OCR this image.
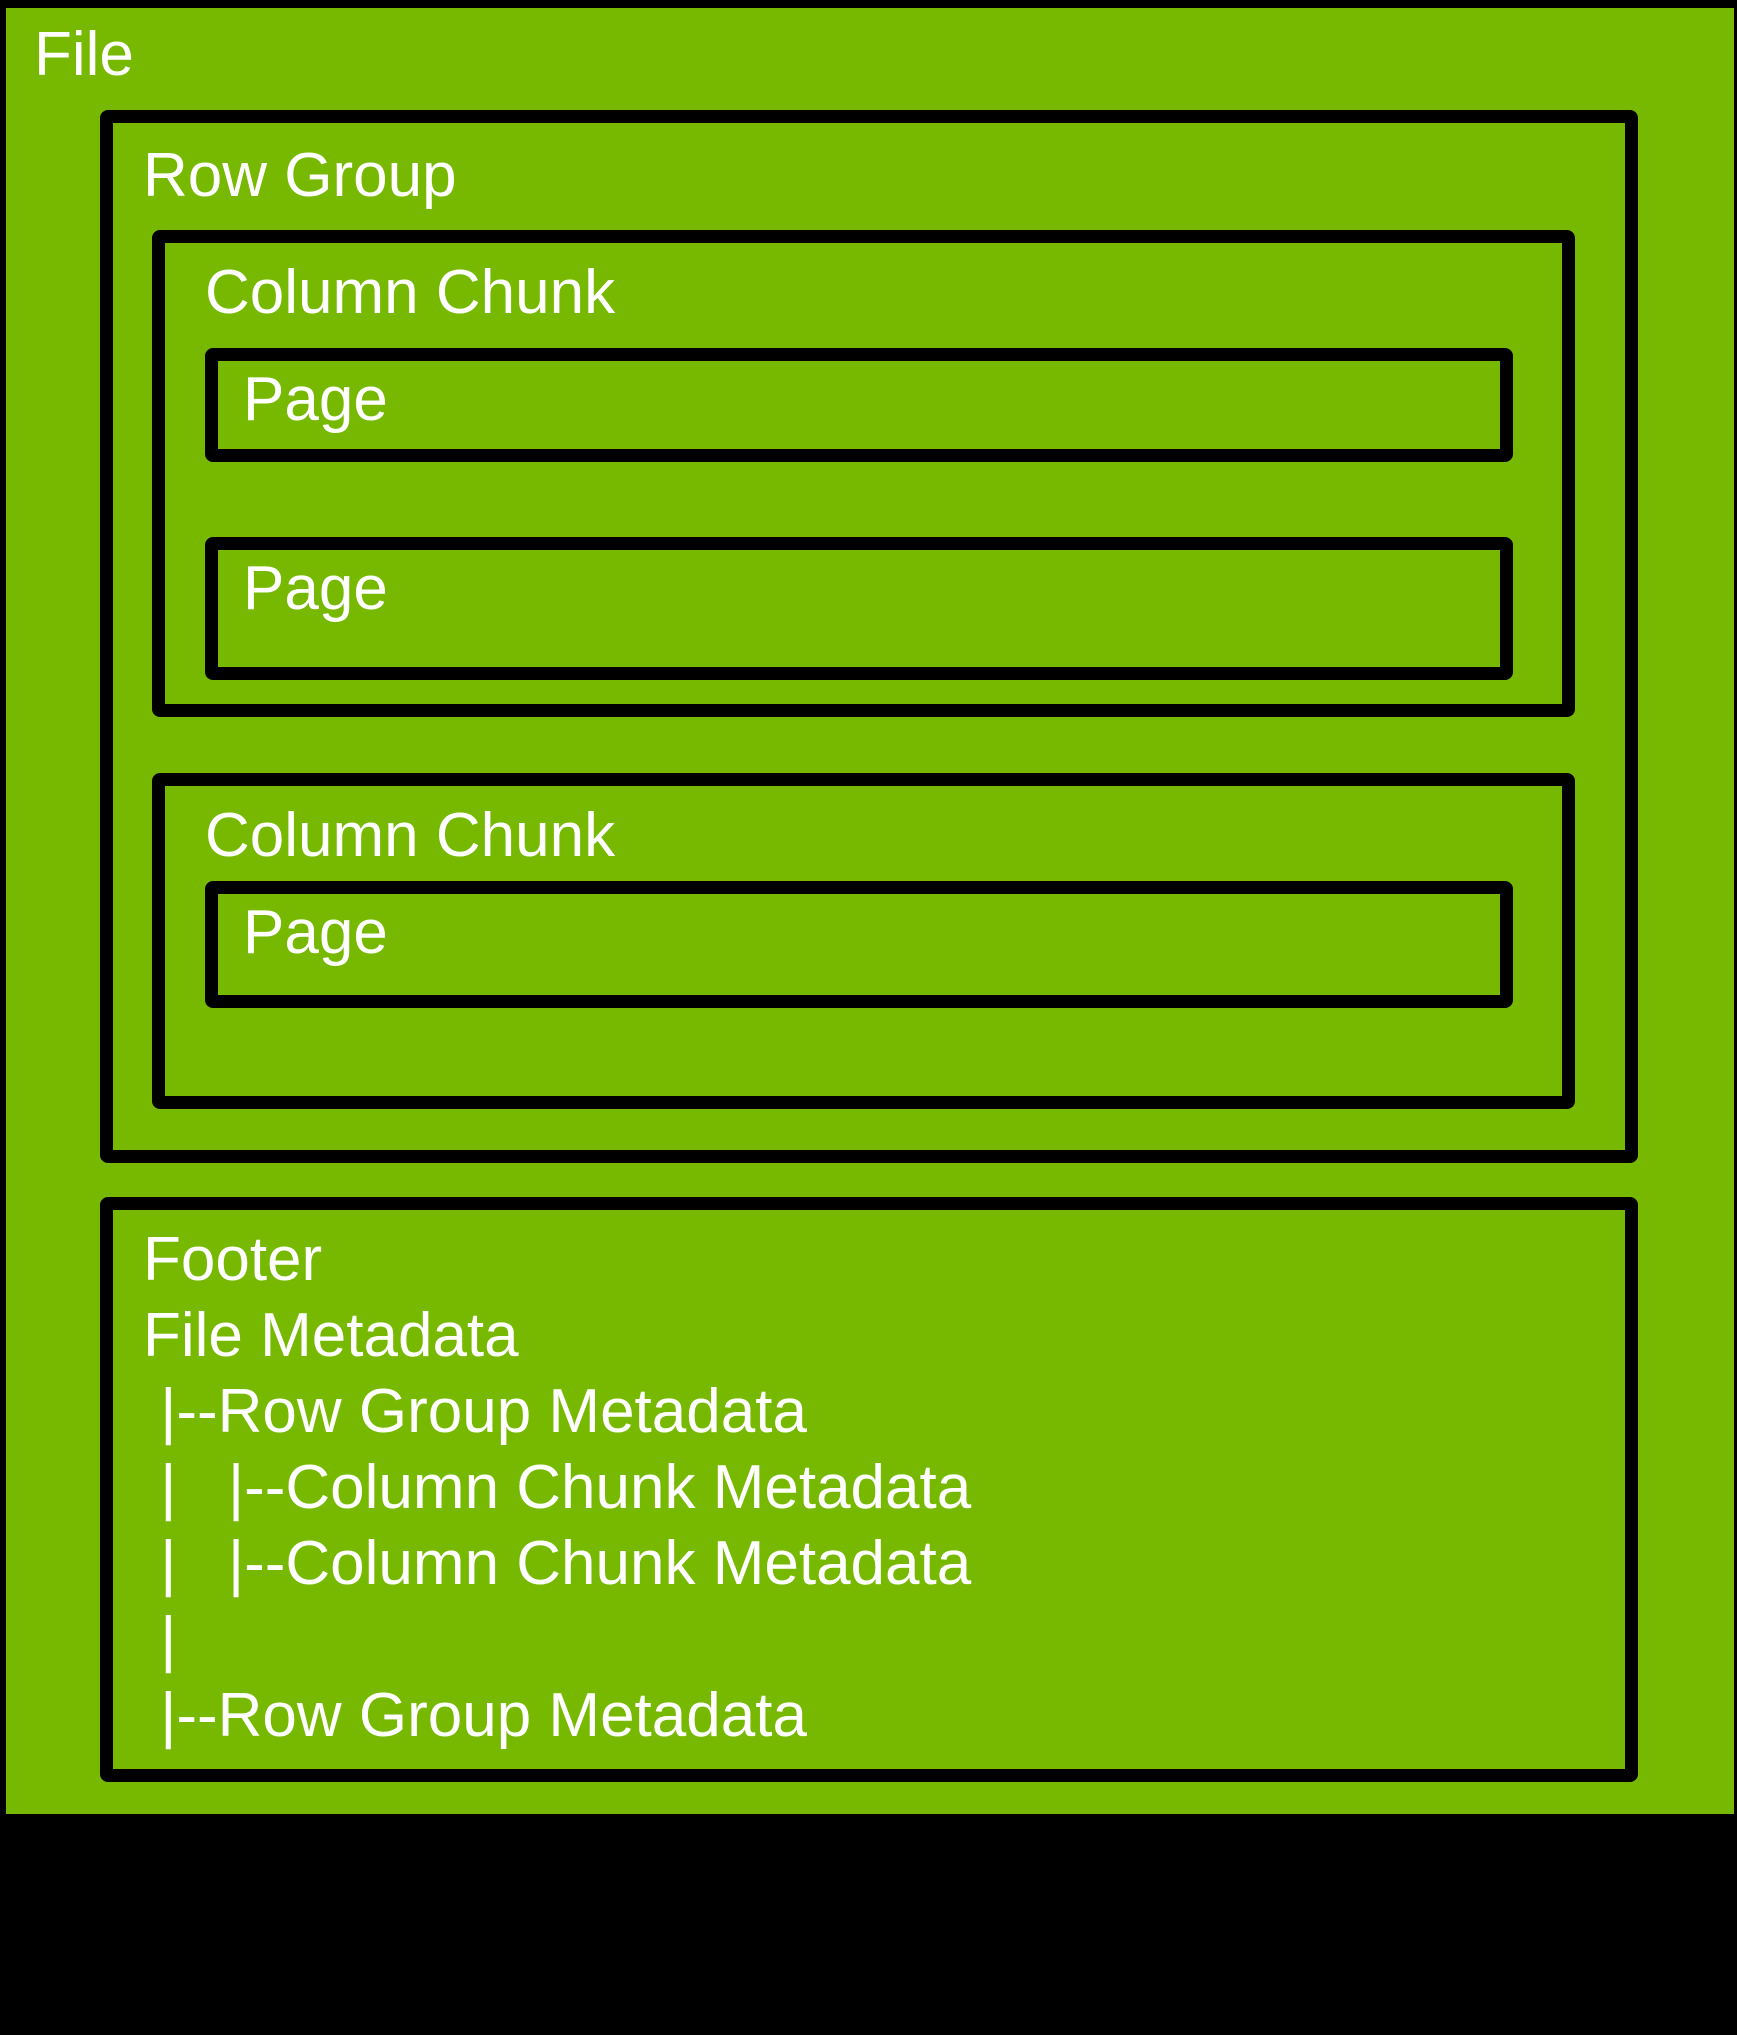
File
Row Group
Column Chunk
Page
Page
Column Chunk
Page
Footer
File Metadata
|--Row Group Metadata
|   |--Column Chunk Metadata
|   |--Column Chunk Metadata
|
|--Row Group Metadata
